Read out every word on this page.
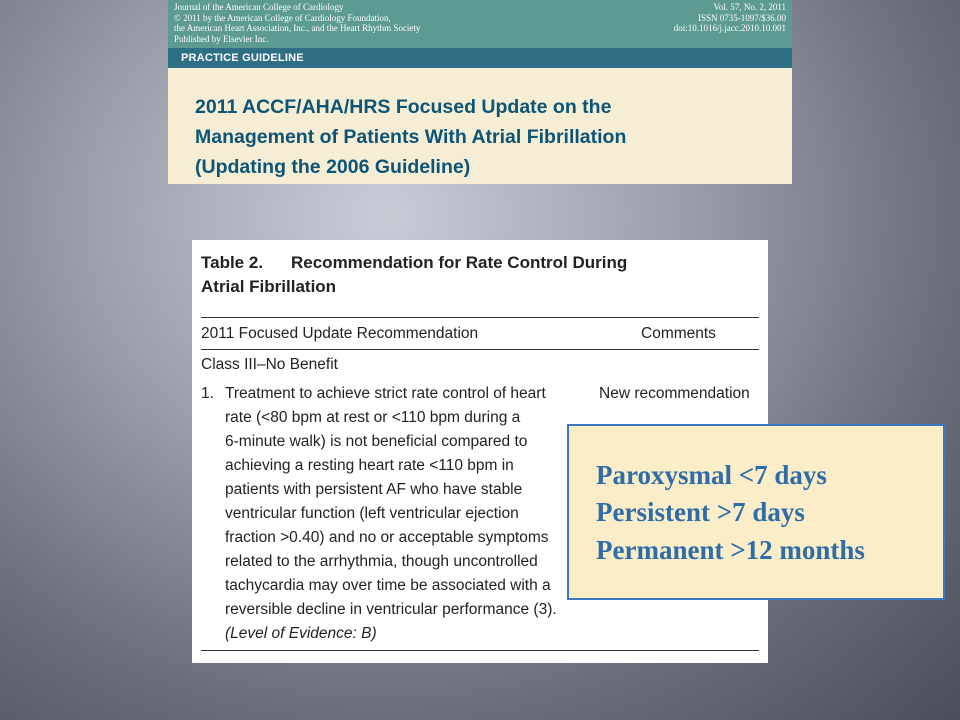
Journal of the American College of Cardiology
© 2011 by the American College of Cardiology Foundation,
the American Heart Association, Inc., and the Heart Rhythm Society
Published by Elsevier Inc.
Vol. 57, No. 2, 2011
ISSN 0735-1097/$36.00
doi:10.1016/j.jacc.2010.10.001
PRACTICE GUIDELINE
2011 ACCF/AHA/HRS Focused Update on the
Management of Patients With Atrial Fibrillation
(Updating the 2006 Guideline)
Table 2. Recommendation for Rate Control During
Atrial Fibrillation
2011 Focused Update Recommendation	Comments
Class III–No Benefit
1. Treatment to achieve strict rate control of heart
rate (<80 bpm at rest or <110 bpm during a
6-minute walk) is not beneficial compared to
achieving a resting heart rate <110 bpm in
patients with persistent AF who have stable
ventricular function (left ventricular ejection
fraction >0.40) and no or acceptable symptoms
related to the arrhythmia, though uncontrolled
tachycardia may over time be associated with a
reversible decline in ventricular performance (3).
(Level of Evidence: B)
New recommendation
Paroxysmal <7 days
Persistent >7 days
Permanent >12 months
